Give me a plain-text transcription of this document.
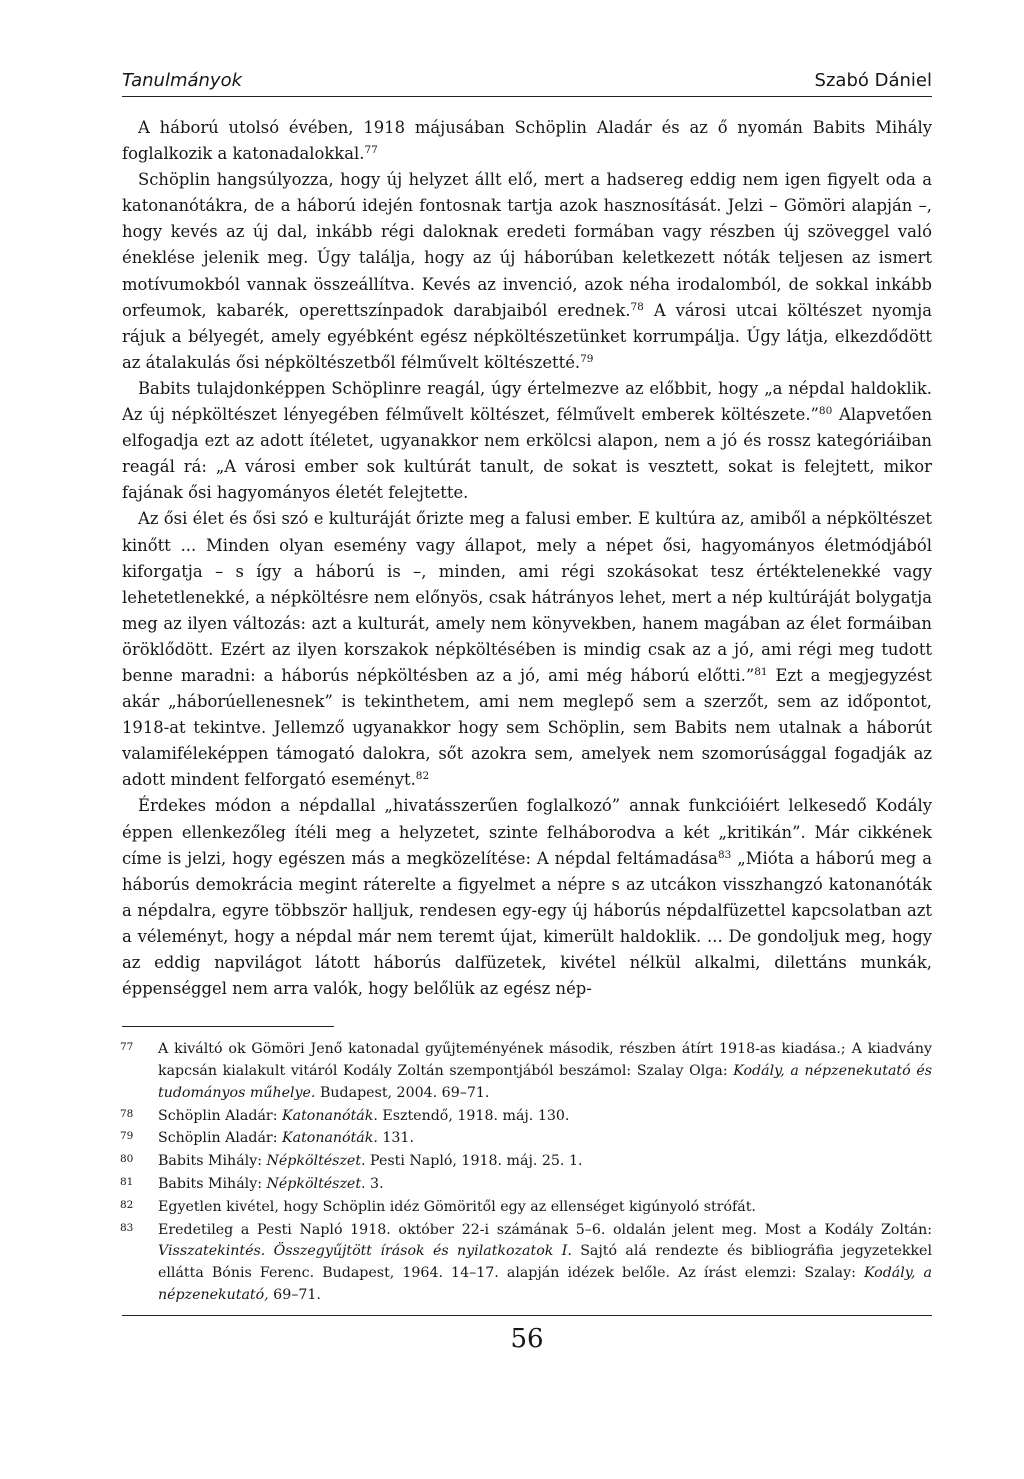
Tanulmányok	Szabó Dániel

A háború utolsó évében, 1918 májusában Schöplin Aladár és az ő nyomán Babits Mihály foglalkozik a katonadalokkal.$^{77}$

Schöplin hangsúlyozza, hogy új helyzet állt elő, mert a hadsereg eddig nem igen figyelt oda a katonanótákra, de a háború idején fontosnak tartja azok hasznosítását. Jelzi – Gömöri alapján –, hogy kevés az új dal, inkább régi daloknak eredeti formában vagy részben új szöveggel való éneklése jelenik meg. Úgy találja, hogy az új háborúban keletkezett nóták teljesen az ismert motívumokból vannak összeállítva. Kevés az invenció, azok néha irodalomból, de sokkal inkább orfeumok, kabarék, operettszínpadok darabjaiból erednek.$^{78}$ A városi utcai költészet nyomja rájuk a bélyegét, amely egyébként egész népköltészetünket korrumpálja. Úgy látja, elkezdődött az átalakulás ősi népköltészetből félművelt költészetté.$^{79}$

Babits tulajdonképpen Schöplinre reagál, úgy értelmezve az előbbit, hogy „a népdal haldoklik. Az új népköltészet lényegében félművelt költészet, félművelt emberek költészete.”$^{80}$ Alapvetően elfogadja ezt az adott ítéletet, ugyanakkor nem erkölcsi alapon, nem a jó és rossz kategóriáiban reagál rá: „A városi ember sok kultúrát tanult, de sokat is vesztett, sokat is felejtett, mikor fajának ősi hagyományos életét felejtette.

Az ősi élet és ősi szó e kulturáját őrizte meg a falusi ember. E kultúra az, amiből a népköltészet kinőtt ... Minden olyan esemény vagy állapot, mely a népet ősi, hagyományos életmódjából kiforgatja – s így a háború is –, minden, ami régi szokásokat tesz értéktelenekké vagy lehetetlenekké, a népköltésre nem előnyös, csak hátrányos lehet, mert a nép kultúráját bolygatja meg az ilyen változás: azt a kulturát, amely nem könyvekben, hanem magában az élet formáiban öröklődött. Ezért az ilyen korszakok népköltésében is mindig csak az a jó, ami régi meg tudott benne maradni: a háborús népköltésben az a jó, ami még háború előtti.”$^{81}$ Ezt a megjegyzést akár „háborúellenesnek” is tekinthetem, ami nem meglepő sem a szerzőt, sem az időpontot, 1918-at tekintve. Jellemző ugyanakkor hogy sem Schöplin, sem Babits nem utalnak a háborút valamiféleképpen támogató dalokra, sőt azokra sem, amelyek nem szomorúsággal fogadják az adott mindent felforgató eseményt.$^{82}$

Érdekes módon a népdallal „hivatásszerűen foglalkozó” annak funkcióiért lelkesedő Kodály éppen ellenkezőleg ítéli meg a helyzetet, szinte felháborodva a két „kritikán”. Már cikkének címe is jelzi, hogy egészen más a megközelítése: A népdal feltámadása$^{83}$ „Mióta a háború meg a háborús demokrácia megint ráterelte a figyelmet a népre s az utcákon visszhangzó katonanóták a népdalra, egyre többször halljuk, rendesen egy-egy új háborús népdalfüzettel kapcsolatban azt a véleményt, hogy a népdal már nem teremt újat, kimerült haldoklik. ... De gondoljuk meg, hogy az eddig napvilágot látott háborús dalfüzetek, kivétel nélkül alkalmi, dilettáns munkák, éppenséggel nem arra valók, hogy belőlük az egész nép-

77	A kiváltó ok Gömöri Jenő katonadal gyűjteményének második, részben átírt 1918-as kiadása.; A kiadvány kapcsán kialakult vitáról Kodály Zoltán szempontjából beszámol: Szalay Olga: Kodály, a népzenekutató és tudományos műhelye. Budapest, 2004. 69–71.

78	Schöplin Aladár: Katonanóták. Esztendő, 1918. máj. 130.

79	Schöplin Aladár: Katonanóták. 131.

80	Babits Mihály: Népköltészet. Pesti Napló, 1918. máj. 25. 1.

81	Babits Mihály: Népköltészet. 3.

82	Egyetlen kivétel, hogy Schöplin idéz Gömöritől egy az ellenséget kigúnyoló strófát.

83	Eredetileg a Pesti Napló 1918. október 22-i számának 5–6. oldalán jelent meg. Most a Kodály Zoltán: Visszatekintés. Összegyűjtött írások és nyilatkozatok I. Sajtó alá rendezte és bibliográfia jegyzetekkel ellátta Bónis Ferenc. Budapest, 1964. 14–17. alapján idézek belőle. Az írást elemzi: Szalay: Kodály, a népzenekutató, 69–71.

56
